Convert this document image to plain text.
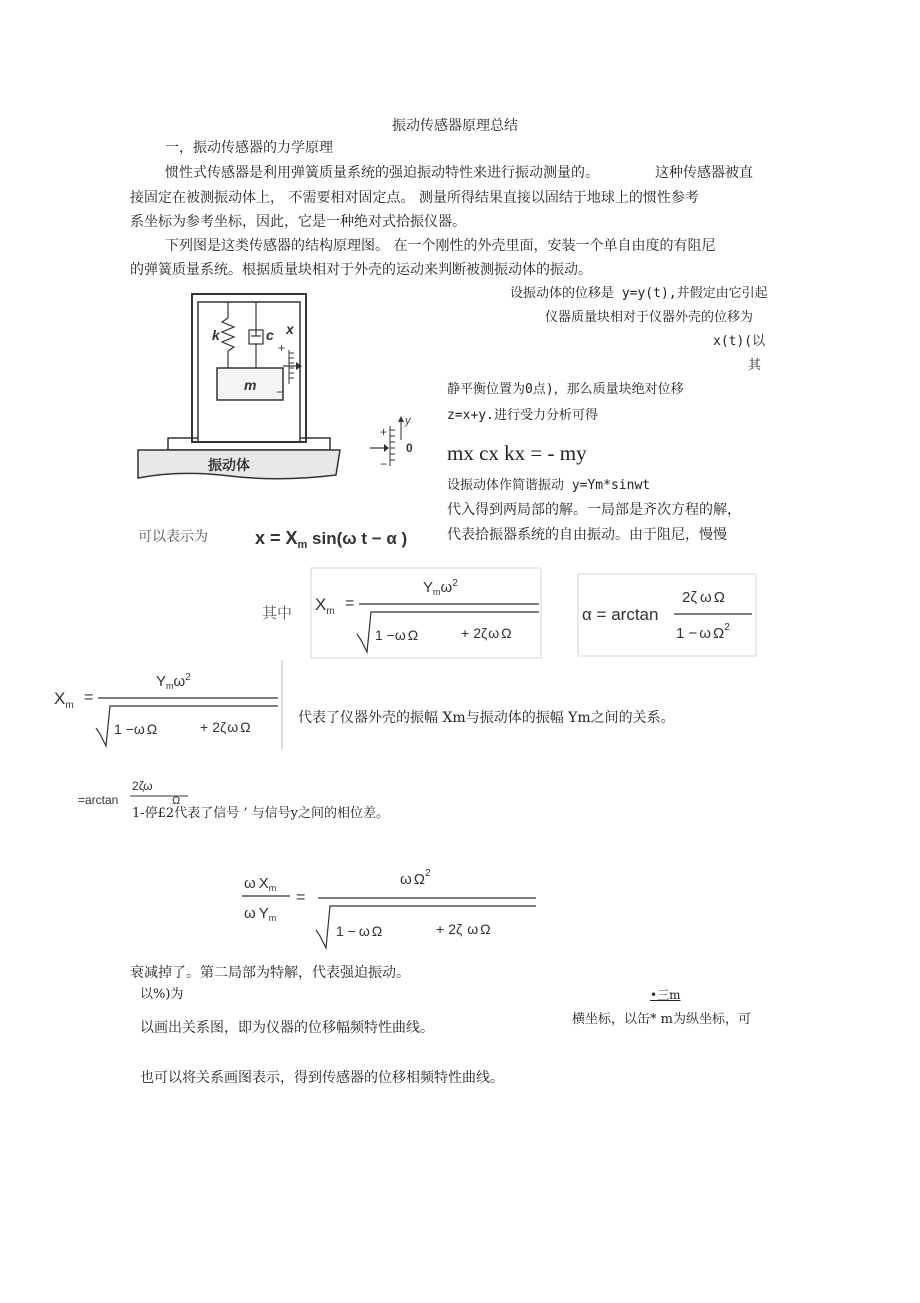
振动传感器原理总结
一，振动传感器的力学原理
惯性式传感器是利用弹簧质量系统的强迫振动特性来进行振动测量的。	这种传感器被直
接固定在被测振动体上， 不需要相对固定点。 测量所得结果直接以固结于地球上的惯性参考
系坐标为参考坐标，因此，它是一种绝对式拾振仪器。
下列图是这类传感器的结构原理图。 在一个刚性的外壳里面，安装一个单自由度的有阻尼
的弹簧质量系统。根据质量块相对于外壳的运动来判断被测振动体的振动。
设振动体的位移是 y=y(t),并假定由它引起
仪器质量块相对于仪器外壳的位移为
x(t)(以
其
静平衡位置为0点)，那么质量块绝对位移
z=x+y.进行受力分析可得
mx cx kx = - my
设振动体作简谐振动 y=Ym*sinwt
代入得到两局部的解。一局部是齐次方程的解，
代表拾振器系统的自由振动。由于阻尼，慢慢
可以表示为
k	c x
+
−
m
+
−
y
0
振动体
$x = X_m$ sin(ω t − α )
其中 $X_m$ =
$Y_m\omega^2$
1 −ω Ω	+ 2ζ ω Ω
α = arctan
2ζ ω Ω
1 − ω $\Omega^2$
$X_m$ =
$Y_m\omega^2$
1 −ω Ω	+ 2ζ ω Ω
代表了仪器外壳的振幅 Xm与振动体的振幅 Ym之间的关系。
=arctan
2ζω
Ω
1-停£2代表了信号 ’ 与信号y之间的相位差。
ω $X_m$
ω $Y_m$
=
ω $\Omega^2$
1 − ω Ω	+ 2ζ ω Ω
衰减掉了。第二局部为特解，代表强迫振动。
以%)为	•三m
横坐标，以缶* m为纵坐标，可
以画出关系图，即为仪器的位移幅频特性曲线。
也可以将关系画图表示，得到传感器的位移相频特性曲线。
